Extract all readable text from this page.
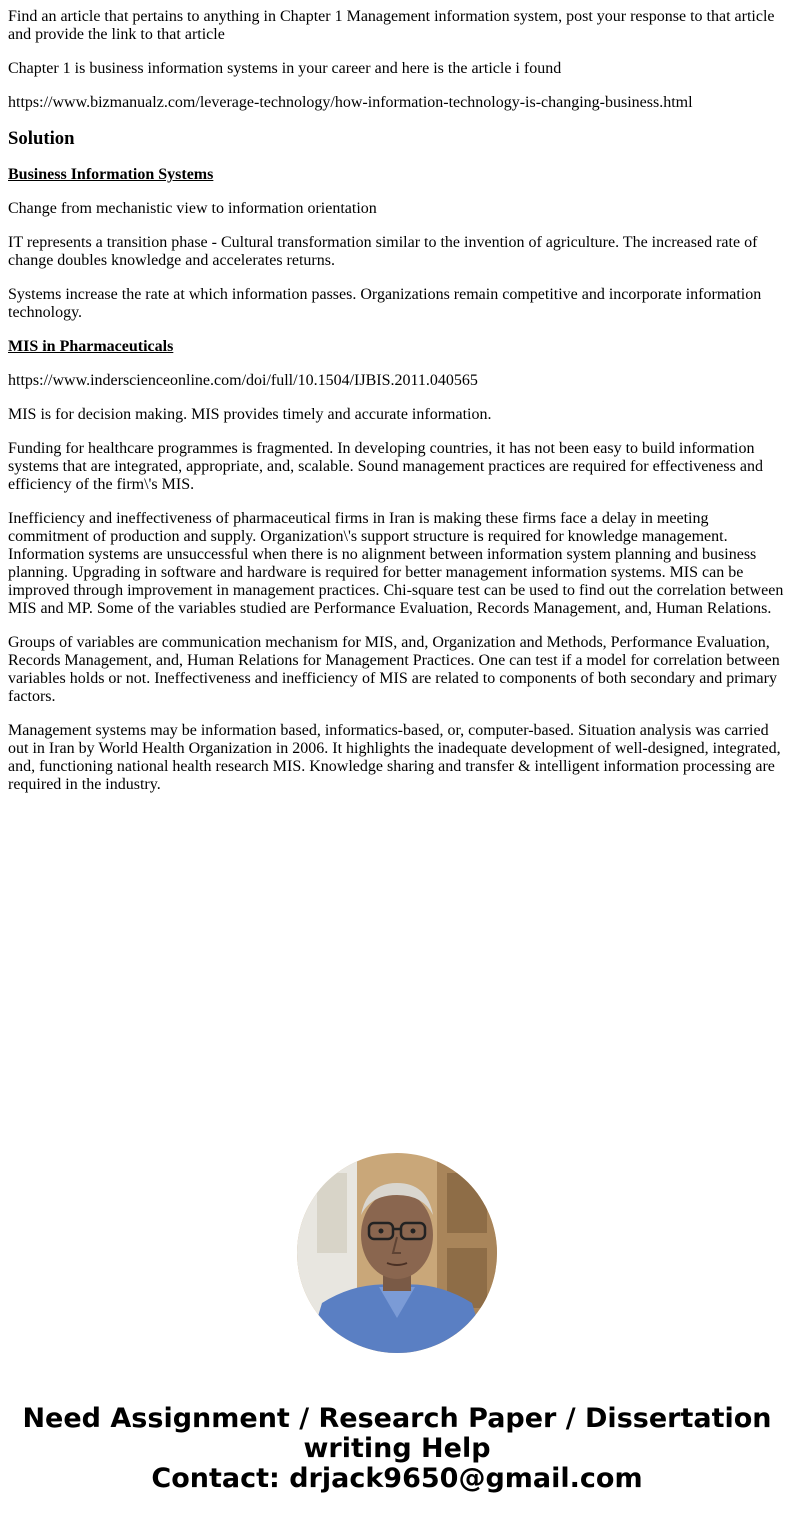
Find an article that pertains to anything in Chapter 1 Management information system, post your response to that article and provide the link to that article

Chapter 1 is business information systems in your career and here is the article i found

https://www.bizmanualz.com/leverage-technology/how-information-technology-is-changing-business.html

Solution

Business Information Systems

Change from mechanistic view to information orientation

IT represents a transition phase - Cultural transformation similar to the invention of agriculture. The increased rate of change doubles knowledge and accelerates returns.

Systems increase the rate at which information passes. Organizations remain competitive and incorporate information technology.

MIS in Pharmaceuticals

https://www.inderscienceonline.com/doi/full/10.1504/IJBIS.2011.040565

MIS is for decision making. MIS provides timely and accurate information.

Funding for healthcare programmes is fragmented. In developing countries, it has not been easy to build information systems that are integrated, appropriate, and, scalable. Sound management practices are required for effectiveness and efficiency of the firm\'s MIS.

Inefficiency and ineffectiveness of pharmaceutical firms in Iran is making these firms face a delay in meeting commitment of production and supply. Organization\'s support structure is required for knowledge management. Information systems are unsuccessful when there is no alignment between information system planning and business planning. Upgrading in software and hardware is required for better management information systems. MIS can be improved through improvement in management practices. Chi-square test can be used to find out the correlation between MIS and MP. Some of the variables studied are Performance Evaluation, Records Management, and, Human Relations.

Groups of variables are communication mechanism for MIS, and, Organization and Methods, Performance Evaluation, Records Management, and, Human Relations for Management Practices. One can test if a model for correlation between variables holds or not. Ineffectiveness and inefficiency of MIS are related to components of both secondary and primary factors.

Management systems may be information based, informatics-based, or, computer-based. Situation analysis was carried out in Iran by World Health Organization in 2006. It highlights the inadequate development of well-designed, integrated, and, functioning national health research MIS. Knowledge sharing and transfer & intelligent information processing are required in the industry.

Need Assignment / Research Paper / Dissertation
writing Help
Contact: drjack9650@gmail.com
